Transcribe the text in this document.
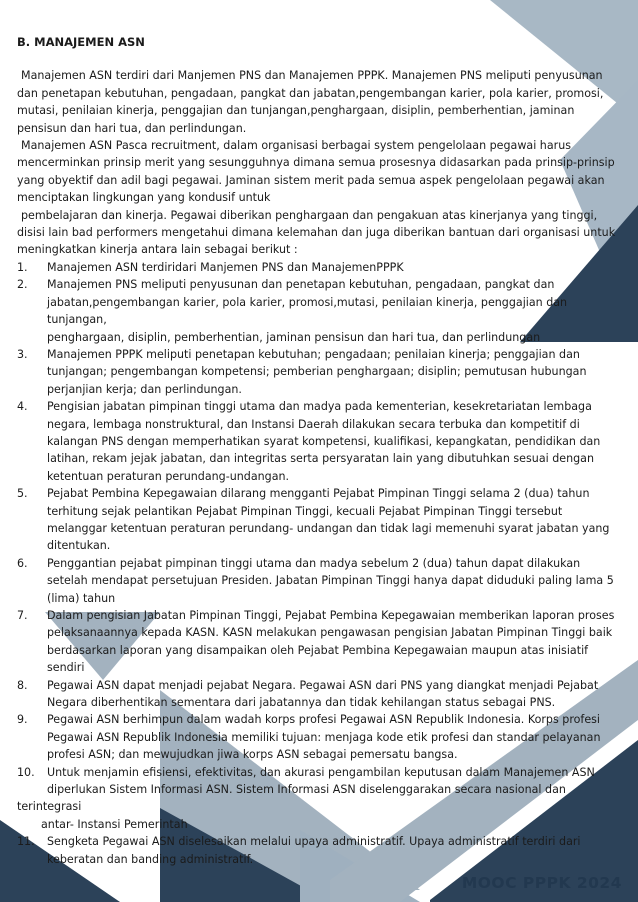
B. MANAJEMEN ASN

Manajemen ASN terdiri dari Manjemen PNS dan Manajemen PPPK. Manajemen PNS meliputi penyusunan dan penetapan kebutuhan, pengadaan, pangkat dan jabatan,pengembangan karier, pola karier, promosi, mutasi, penilaian kinerja, penggajian dan tunjangan,penghargaan, disiplin, pemberhentian, jaminan pensisun dan hari tua, dan perlindungan.

Manajemen ASN Pasca recruitment, dalam organisasi berbagai system pengelolaan pegawai harus mencerminkan prinsip merit yang sesungguhnya dimana semua prosesnya didasarkan pada prinsip-prinsip yang obyektif dan adil bagi pegawai. Jaminan sistem merit pada semua aspek pengelolaan pegawai akan menciptakan lingkungan yang kondusif untuk

pembelajaran dan kinerja. Pegawai diberikan penghargaan dan pengakuan atas kinerjanya yang tinggi, disisi lain bad performers mengetahui dimana kelemahan dan juga diberikan bantuan dari organisasi untuk meningkatkan kinerja antara lain sebagai berikut :

1. Manajemen ASN terdiridari Manjemen PNS dan ManajemenPPPK
2. Manajemen PNS meliputi penyusunan dan penetapan kebutuhan, pengadaan, pangkat dan jabatan,pengembangan karier, pola karier, promosi,mutasi, penilaian kinerja, penggajian dan tunjangan,
penghargaan, disiplin, pemberhentian, jaminan pensisun dan hari tua, dan perlindungan
3. Manajemen PPPK meliputi penetapan kebutuhan; pengadaan; penilaian kinerja; penggajian dan tunjangan; pengembangan kompetensi; pemberian penghargaan; disiplin; pemutusan hubungan perjanjian kerja; dan perlindungan.
4. Pengisian jabatan pimpinan tinggi utama dan madya pada kementerian, kesekretariatan lembaga negara, lembaga nonstruktural, dan Instansi Daerah dilakukan secara terbuka dan kompetitif di kalangan PNS dengan memperhatikan syarat kompetensi, kualifikasi, kepangkatan, pendidikan dan latihan, rekam jejak jabatan, dan integritas serta persyaratan lain yang dibutuhkan sesuai dengan ketentuan peraturan perundang-undangan.
5. Pejabat Pembina Kepegawaian dilarang mengganti Pejabat Pimpinan Tinggi selama 2 (dua) tahun terhitung sejak pelantikan Pejabat Pimpinan Tinggi, kecuali Pejabat Pimpinan Tinggi tersebut melanggar ketentuan peraturan perundang- undangan dan tidak lagi memenuhi syarat jabatan yang ditentukan.
6. Penggantian pejabat pimpinan tinggi utama dan madya sebelum 2 (dua) tahun dapat dilakukan setelah mendapat persetujuan Presiden. Jabatan Pimpinan Tinggi hanya dapat diduduki paling lama 5 (lima) tahun
7. Dalam pengisian Jabatan Pimpinan Tinggi, Pejabat Pembina Kepegawaian memberikan laporan proses pelaksanaannya kepada KASN. KASN melakukan pengawasan pengisian Jabatan Pimpinan Tinggi baik berdasarkan laporan yang disampaikan oleh Pejabat Pembina Kepegawaian maupun atas inisiatif sendiri
8. Pegawai ASN dapat menjadi pejabat Negara. Pegawai ASN dari PNS yang diangkat menjadi Pejabat Negara diberhentikan sementara dari jabatannya dan tidak kehilangan status sebagai PNS.
9. Pegawai ASN berhimpun dalam wadah korps profesi Pegawai ASN Republik Indonesia. Korps profesi Pegawai ASN Republik Indonesia memiliki tujuan: menjaga kode etik profesi dan standar pelayanan profesi ASN; dan mewujudkan jiwa korps ASN sebagai pemersatu bangsa.
10. Untuk menjamin efisiensi, efektivitas, dan akurasi pengambilan keputusan dalam Manajemen ASN diperlukan Sistem Informasi ASN. Sistem Informasi ASN diselenggarakan secara nasional dan
terintegrasi
antar- Instansi Pemerintah
11. Sengketa Pegawai ASN diselesaikan melalui upaya administratif. Upaya administratif terdiri dari keberatan dan banding administratif.
MOOC PPPK 2024
